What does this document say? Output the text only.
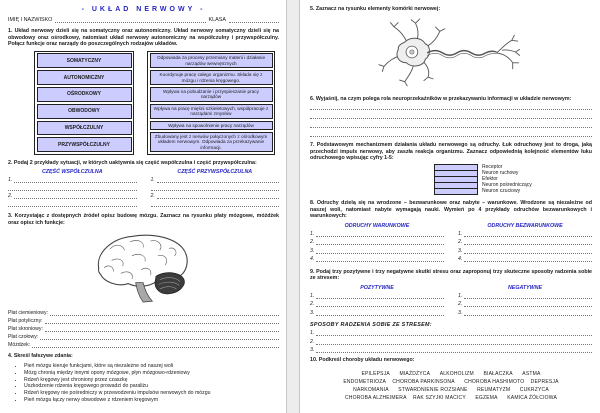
- UKŁAD NERWOWY -
IMIĘ I NAZWISKO	KLASA
1. Układ nerwowy dzieli się na somatyczny oraz autonomiczny. Układ nerwowy somatyczny dzieli się na obwodowy oraz ośrodkowy, natomiast układ nerwowy autonomiczny na współczulny i przywspółczulny. Połącz funkcje oraz narządy do poszczególnych rodzajów układów.
SOMATYCZNY
AUTONOMICZNY
OŚRODKOWY
OBWODOWY
WSPÓŁCZULNY
PRZYWSPÓŁCZULNY
Odpowiada za procesy przemiany materii i działanie narządów wewnętrznych
Koordynuje pracę całego organizmu. Składa się z mózgu i rdzenia kręgowego.
Wpływa na pobudzanie i przyspieszanie pracy narządów
Wpływa na pracę mięśni szkieletowych, współpracuje z narządami zmysłów
Wpływa na spowolnienie pracy narządów
Zbudowany jest z nerwów połączonych z ośrodkowym układem nerwowym. Odpowiada za przekazywanie informacji.
2. Podaj 2 przykłady sytuacji, w których uaktywnia się część współczulna i część przywspółczulna:
CZĘŚĆ WSPÓŁCZULNA
1.
2.
CZĘŚĆ PRZYWSPÓŁCZULNA
1.
2.
3. Korzystając z dostępnych źródeł opisz budowę mózgu. Zaznacz na rysunku płaty mózgowe, móżdżek oraz opisz ich funkcje:
Płat ciemieniowy:
Płat potyliczny:
Płat skroniowy:
Płat czołowy:
Móżdżek:
4. Skreśl fałszywe zdania:
• Pień mózgu kieruje funkcjami, które są niezależne od naszej woli
• Mózg chronią między innymi opony mózgowe, płyn mózgowo-rdzeniowy
• Rdzeń kręgowy jest chroniony przez czaszkę
• Uszkodzenie rdzenia kręgowego prowadzi do paraliżu
• Rdzeń kręgowy nie pośredniczy w przewodzeniu impulsów nerwowych do mózgu
• Pień mózgu łączy nerwy obwodowe z rdzeniem kręgowym
5. Zaznacz na rysunku elementy komórki nerwowej:
6. Wyjaśnij, na czym polega rola neuroprzekaźników w przekazywaniu informacji w układzie nerwowym:
7. Podstawowym mechanizmem działania układu nerwowego są odruchy. Łuk odruchowy jest to droga, jaką przechodzi impuls nerwowy, aby zaszła reakcja organizmu. Zaznacz odpowiednią kolejność elementów łuku odruchowego wpisując cyfry 1-5:
Receptor
Neuron ruchowy
Efektor
Neuron pośredniczący
Neuron czuciowy
8. Odruchy dzielą się na wrodzone – bezwarunkowe oraz nabyte – warunkowe. Wrodzone są niezależne od naszej woli, natomiast nabyte wymagają nauki. Wymień po 4 przykłady odruchów bezwarunkowych i warunkowych:
ODRUCHY WARUNKOWE
1.
2.
3.
4.
ODRUCHY BEZWARUNKOWE
1.
2.
3.
4.
9. Podaj trzy pozytywne i trzy negatywne skutki stresu oraz zaproponuj trzy skuteczne sposoby radzenia sobie ze stresem:
POZYTYWNE
1.
2.
3.
NEGATYWNE
1.
2.
3.
SPOSOBY RADZENIA SOBIE ZE STRESEM:
1.
2.
3.
10. Podkreśl choroby układu nerwowego:
EPILEPSJA      MIAŻDŻYCA      ALKOHOLIZM      BIAŁACZKA      ASTMA
ENDOMETRIOZA    CHOROBA PARKINSONA      CHOROBA HASHIMOTO    DEPRESJA
NARKOMANIA      STWARDNIENIE ROZSIANE      REUMATYZM      CUKRZYCA
CHOROBA ALZHEIMERA    RAK SZYJKI MACICY      EGZEMA      KAMICA ŻÓŁCIOWA
